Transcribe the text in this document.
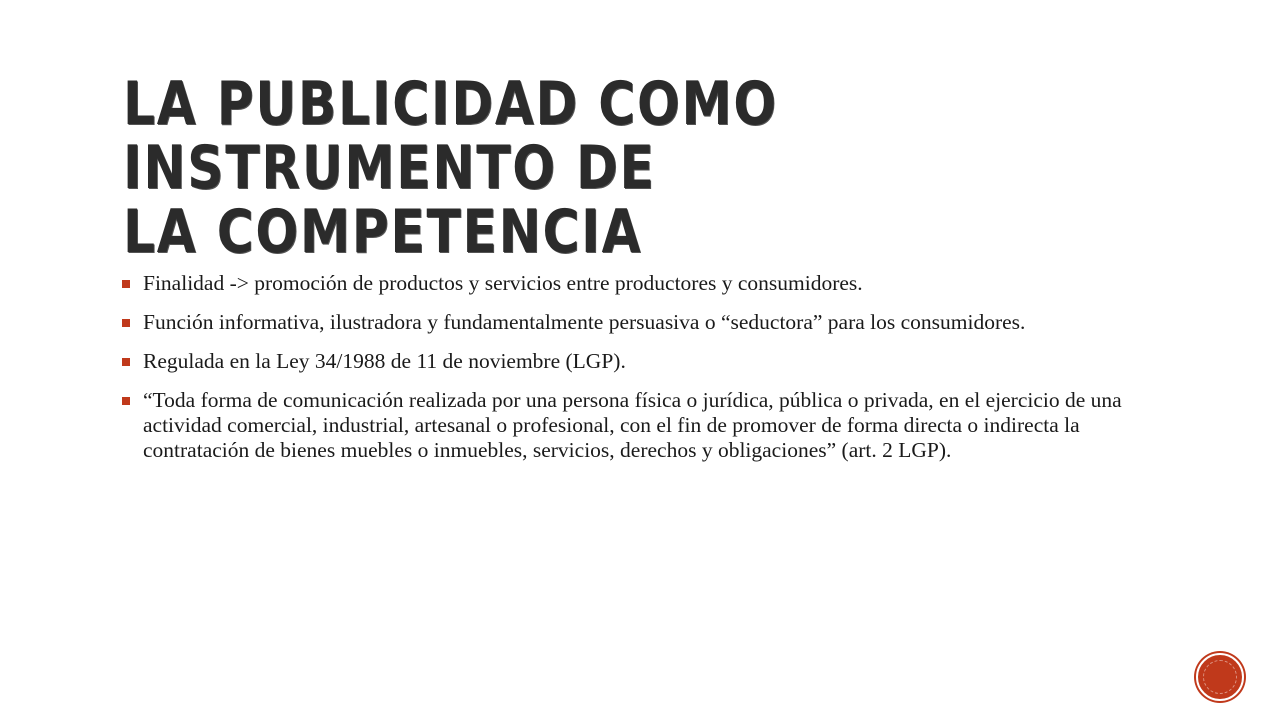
LA PUBLICIDAD COMO INSTRUMENTO DE
LA COMPETENCIA
Finalidad -> promoción de productos y servicios entre productores y consumidores.
Función informativa, ilustradora y fundamentalmente persuasiva o “seductora” para los consumidores.
Regulada en la Ley 34/1988 de 11 de noviembre (LGP).
“Toda forma de comunicación realizada por una persona física o jurídica, pública o privada, en el ejercicio de una actividad comercial, industrial, artesanal o profesional, con el fin de promover de forma directa o indirecta la contratación de bienes muebles o inmuebles, servicios, derechos y obligaciones” (art. 2 LGP).
